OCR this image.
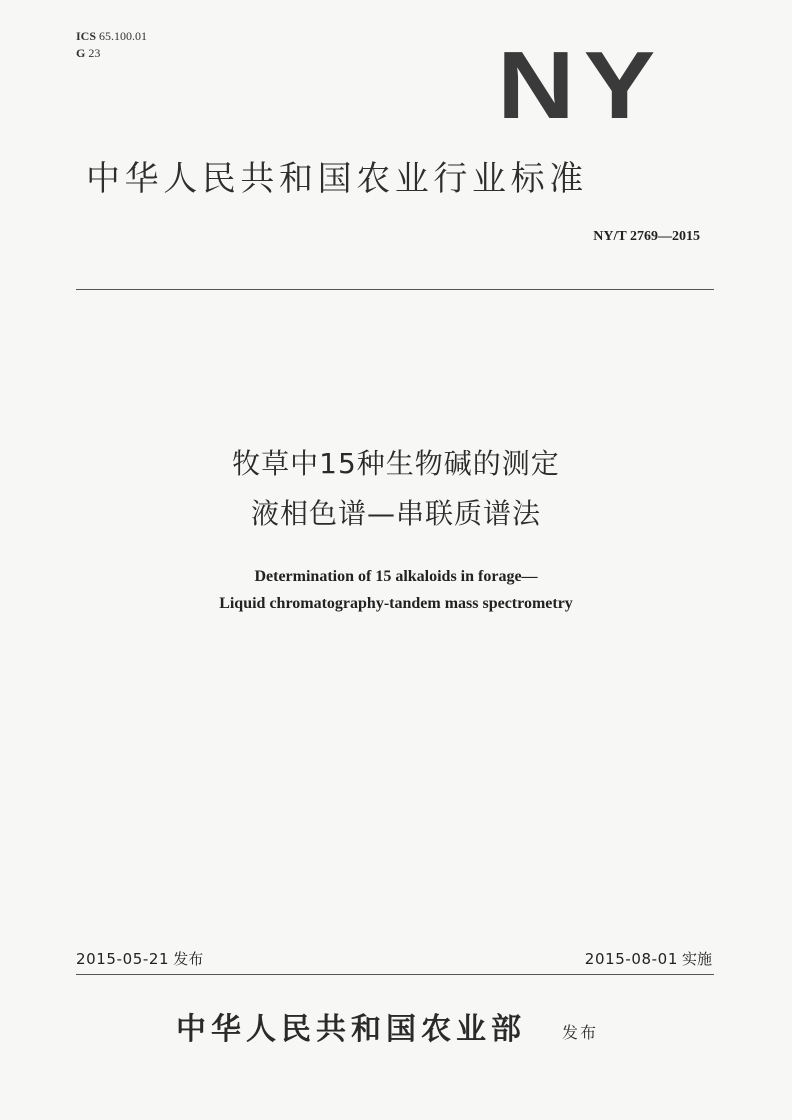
ICS 65.100.01
G 23	NY
中华人民共和国农业行业标准
NY/T 2769—2015
牧草中15种生物碱的测定
液相色谱—串联质谱法
Determination of 15 alkaloids in forage—
Liquid chromatography-tandem mass spectrometry
2015-05-21 发布	2015-08-01 实施
中华人民共和国农业部 发布
